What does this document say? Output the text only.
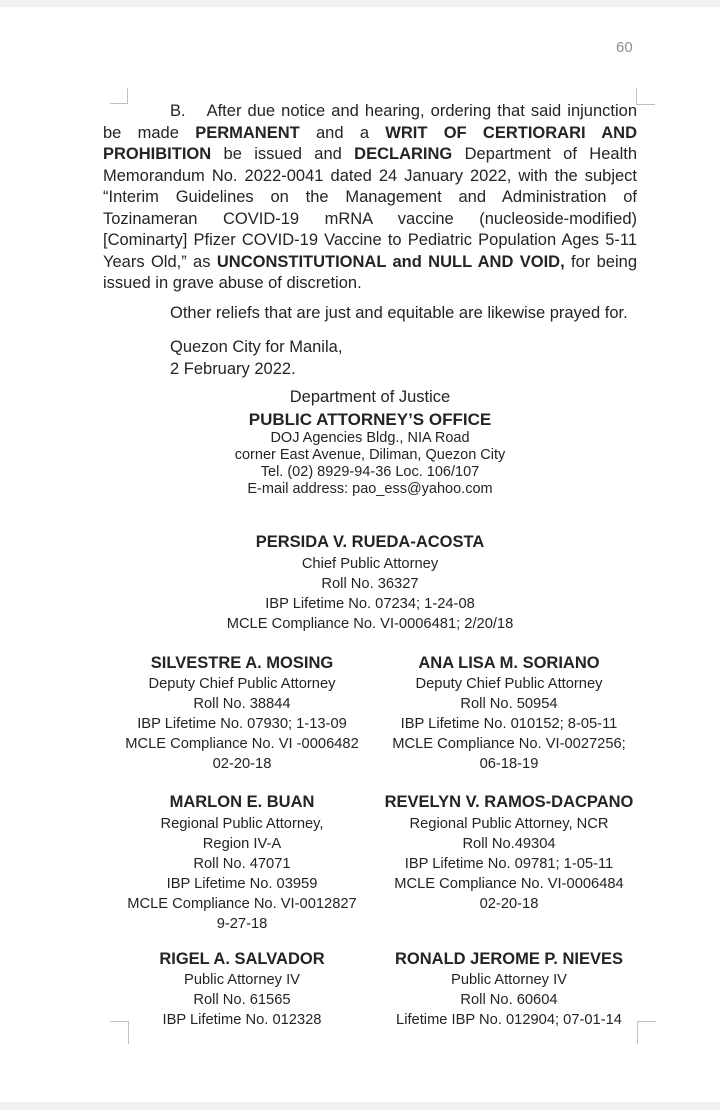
60

B. After due notice and hearing, ordering that said injunction be made PERMANENT and a WRIT OF CERTIORARI AND PROHIBITION be issued and DECLARING Department of Health Memorandum No. 2022-0041 dated 24 January 2022, with the subject “Interim Guidelines on the Management and Administration of Tozinameran COVID-19 mRNA vaccine (nucleoside-modified) [Cominarty] Pfizer COVID-19 Vaccine to Pediatric Population Ages 5-11 Years Old,” as UNCONSTITUTIONAL and NULL AND VOID, for being issued in grave abuse of discretion.

Other reliefs that are just and equitable are likewise prayed for.

Quezon City for Manila,
2 February 2022.
Department of Justice
PUBLIC ATTORNEY’S OFFICE
DOJ Agencies Bldg., NIA Road
corner East Avenue, Diliman, Quezon City
Tel. (02) 8929-94-36 Loc. 106/107
E-mail address: pao_ess@yahoo.com
PERSIDA V. RUEDA-ACOSTA
Chief Public Attorney
Roll No. 36327
IBP Lifetime No. 07234; 1-24-08
MCLE Compliance No. VI-0006481; 2/20/18
SILVESTRE A. MOSING
Deputy Chief Public Attorney
Roll No. 38844
IBP Lifetime No. 07930; 1-13-09
MCLE Compliance No. VI -0006482
02-20-18
ANA LISA M. SORIANO
Deputy Chief Public Attorney
Roll No. 50954
IBP Lifetime No. 010152; 8-05-11
MCLE Compliance No. VI-0027256;
06-18-19
MARLON E. BUAN
Regional Public Attorney,
Region IV-A
Roll No. 47071
IBP Lifetime No. 03959
MCLE Compliance No. VI-0012827
9-27-18
REVELYN V. RAMOS-DACPANO
Regional Public Attorney, NCR
Roll No.49304
IBP Lifetime No. 09781; 1-05-11
MCLE Compliance No. VI-0006484
02-20-18
RIGEL A. SALVADOR
Public Attorney IV
Roll No. 61565
IBP Lifetime No. 012328
RONALD JEROME P. NIEVES
Public Attorney IV
Roll No. 60604
Lifetime IBP No. 012904; 07-01-14
